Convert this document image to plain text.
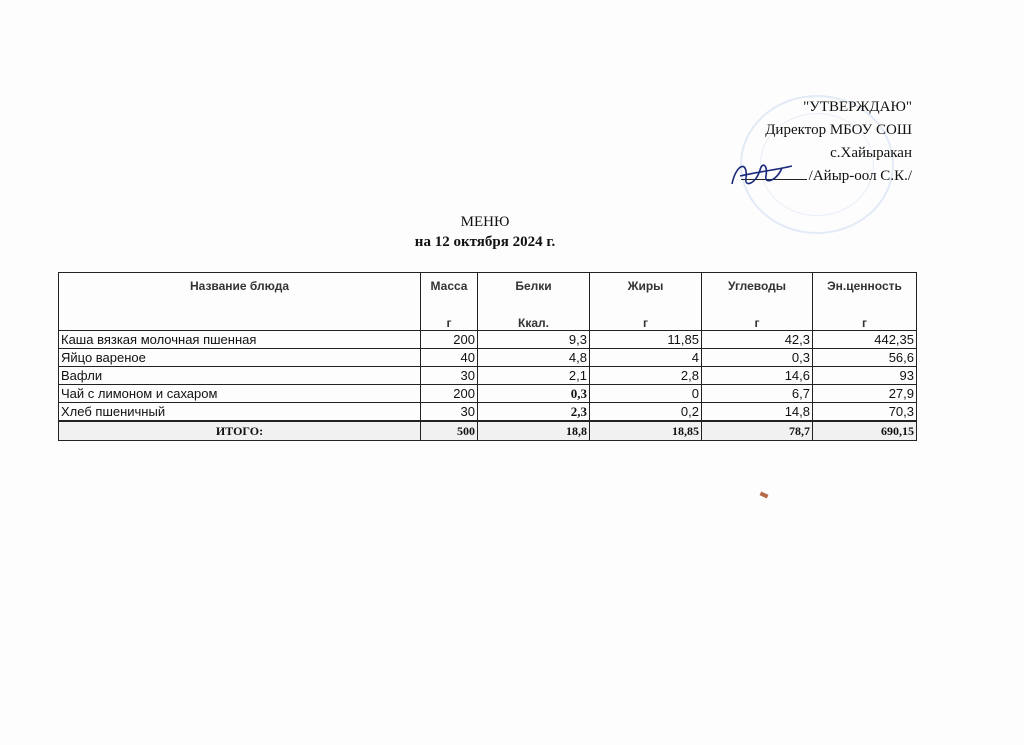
"УТВЕРЖДАЮ"
Директор МБОУ СОШ
с.Хайыракан
/Айыр-оол С.К./
МЕНЮ
на 12 октября 2024 г.
Название блюда	Масса	Белки	Жиры	Углеводы	Эн.ценность
	г	Ккал.	г	г	г
Каша вязкая молочная пшенная	200	9,3	11,85	42,3	442,35
Яйцо вареное	40	4,8	4	0,3	56,6
Вафли	30	2,1	2,8	14,6	93
Чай с лимоном и сахаром	200	0,3	0	6,7	27,9
Хлеб пшеничный	30	2,3	0,2	14,8	70,3
ИТОГО:	500	18,8	18,85	78,7	690,15
